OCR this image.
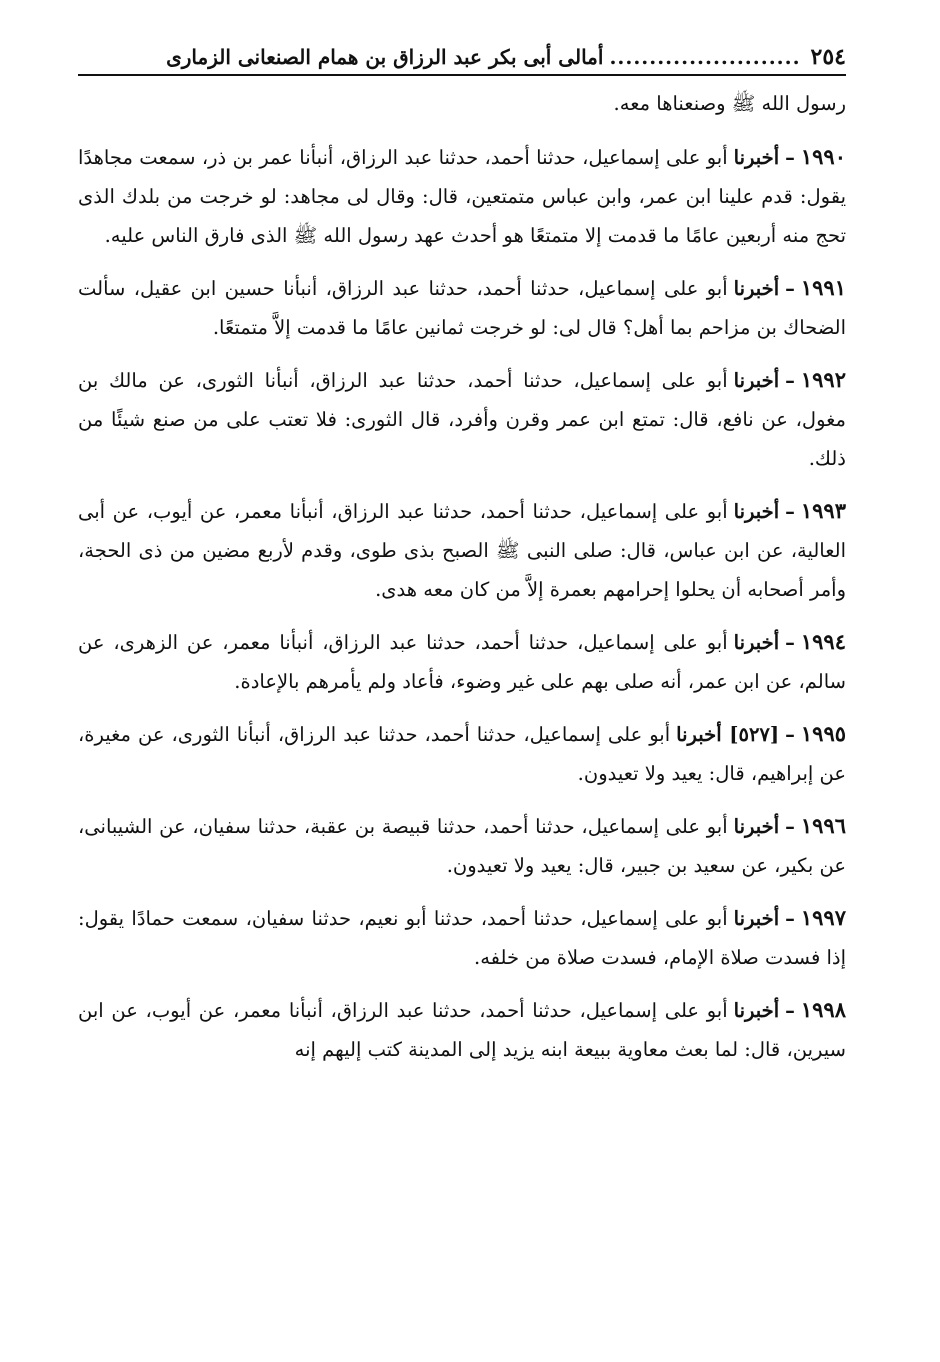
٢٥٤
........................
أمالى أبى بكر عبد الرزاق بن همام الصنعانى الزمارى

رسول الله ﷺ وصنعناها معه.

١٩٩٠–أخبرناأبو على إسماعيل، حدثنا أحمد، حدثنا عبد الرزاق، أنبأنا عمر بن ذر، سمعت مجاهدًا يقول: قدم علينا ابن عمر، وابن عباس متمتعين، قال: وقال لى مجاهد: لو خرجت من بلدك الذى تحج منه أربعين عامًا ما قدمت إلا متمتعًا هو أحدث عهد رسول الله ﷺ الذى فارق الناس عليه.

١٩٩١–أخبرناأبو على إسماعيل، حدثنا أحمد، حدثنا عبد الرزاق، أنبأنا حسين ابن عقيل، سألت الضحاك بن مزاحم بما أهل؟ قال لى: لو خرجت ثمانين عامًا ما قدمت إلاَّ متمتعًا.

١٩٩٢–أخبرناأبو على إسماعيل، حدثنا أحمد، حدثنا عبد الرزاق، أنبأنا الثورى، عن مالك بن مغول، عن نافع، قال: تمتع ابن عمر وقرن وأفرد، قال الثورى: فلا تعتب على من صنع شيئًا من ذلك.

١٩٩٣–أخبرناأبو على إسماعيل، حدثنا أحمد، حدثنا عبد الرزاق، أنبأنا معمر، عن أيوب، عن أبى العالية، عن ابن عباس، قال: صلى النبى ﷺ الصبح بذى طوى، وقدم لأربع مضين من ذى الحجة، وأمر أصحابه أن يحلوا إحرامهم بعمرة إلاَّ من كان معه هدى.

١٩٩٤–أخبرناأبو على إسماعيل، حدثنا أحمد، حدثنا عبد الرزاق، أنبأنا معمر، عن الزهرى، عن سالم، عن ابن عمر، أنه صلى بهم على غير وضوء، فأعاد ولم يأمرهم بالإعادة.

١٩٩٥–[٥٢٧] أخبرناأبو على إسماعيل، حدثنا أحمد، حدثنا عبد الرزاق، أنبأنا الثورى، عن مغيرة، عن إبراهيم، قال: يعيد ولا تعيدون.

١٩٩٦–أخبرناأبو على إسماعيل، حدثنا أحمد، حدثنا قبيصة بن عقبة، حدثنا سفيان، عن الشيبانى، عن بكير، عن سعيد بن جبير، قال: يعيد ولا تعيدون.

١٩٩٧–أخبرناأبو على إسماعيل، حدثنا أحمد، حدثنا أبو نعيم، حدثنا سفيان، سمعت حمادًا يقول: إذا فسدت صلاة الإمام، فسدت صلاة من خلفه.

١٩٩٨–أخبرناأبو على إسماعيل، حدثنا أحمد، حدثنا عبد الرزاق، أنبأنا معمر، عن أيوب، عن ابن سيرين، قال: لما بعث معاوية ببيعة ابنه يزيد إلى المدينة كتب إليهم إنه
